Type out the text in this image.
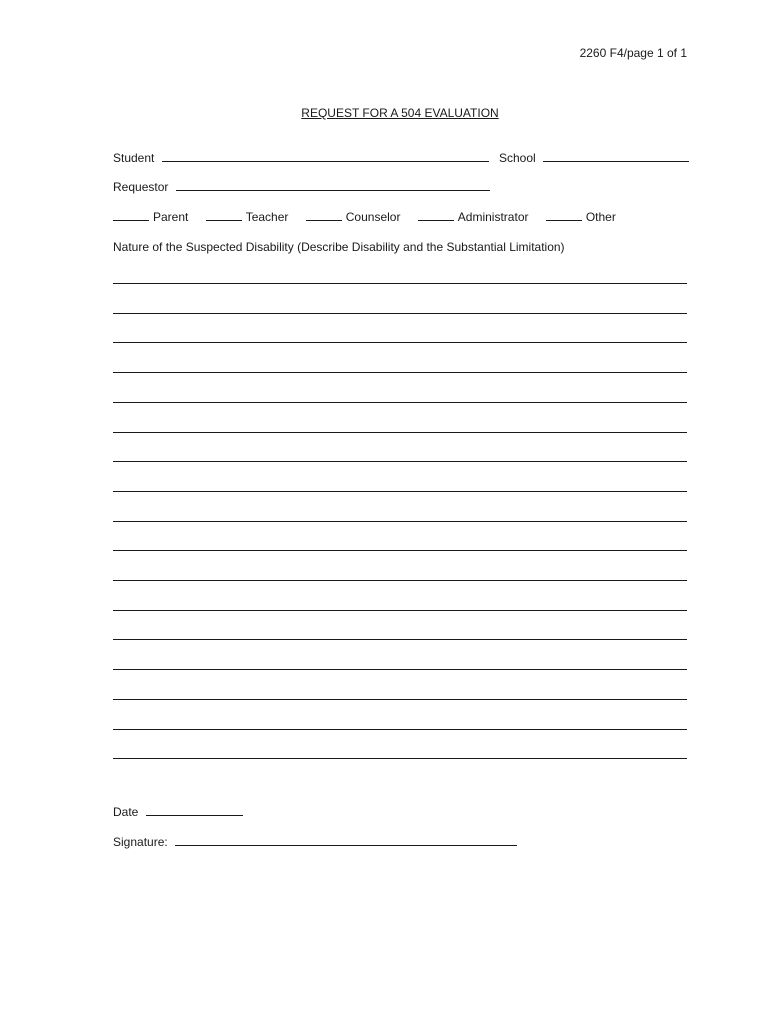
2260 F4/page 1 of 1
REQUEST FOR A 504 EVALUATION
Student	School
Requestor
Parent	Teacher	Counselor	Administrator	Other
Nature of the Suspected Disability (Describe Disability and the Substantial Limitation)
Date
Signature:
